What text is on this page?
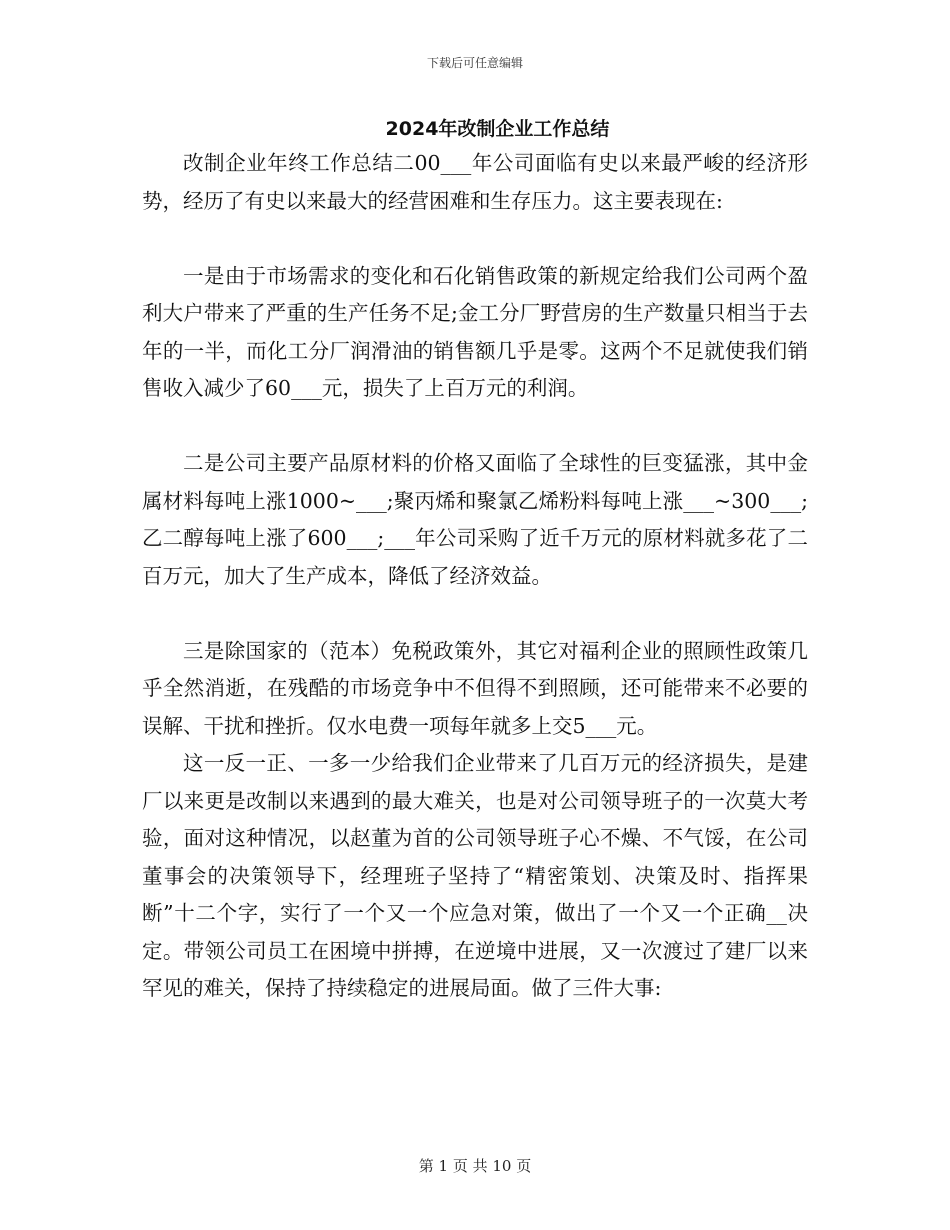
下载后可任意编辑
2024年改制企业工作总结

改制企业年终工作总结二00___年公司面临有史以来最严峻的经济形势，经历了有史以来最大的经营困难和生存压力。这主要表现在:

一是由于市场需求的变化和石化销售政策的新规定给我们公司两个盈利大户带来了严重的生产任务不足;金工分厂野营房的生产数量只相当于去年的一半，而化工分厂润滑油的销售额几乎是零。这两个不足就使我们销售收入减少了60___元，损失了上百万元的利润。

二是公司主要产品原材料的价格又面临了全球性的巨变猛涨，其中金属材料每吨上涨1000~___;聚丙烯和聚氯乙烯粉料每吨上涨___~300___;乙二醇每吨上涨了600___;___年公司采购了近千万元的原材料就多花了二百万元，加大了生产成本，降低了经济效益。

三是除国家的（范本）免税政策外，其它对福利企业的照顾性政策几乎全然消逝，在残酷的市场竞争中不但得不到照顾，还可能带来不必要的误解、干扰和挫折。仅水电费一项每年就多上交5___元。

这一反一正、一多一少给我们企业带来了几百万元的经济损失，是建厂以来更是改制以来遇到的最大难关，也是对公司领导班子的一次莫大考验，面对这种情况，以赵董为首的公司领导班子心不燥、不气馁，在公司董事会的决策领导下，经理班子坚持了“精密策划、决策及时、指挥果断”十二个字，实行了一个又一个应急对策，做出了一个又一个正确__决定。带领公司员工在困境中拼搏，在逆境中进展，又一次渡过了建厂以来罕见的难关，保持了持续稳定的进展局面。做了三件大事:

第 1 页 共 10 页
